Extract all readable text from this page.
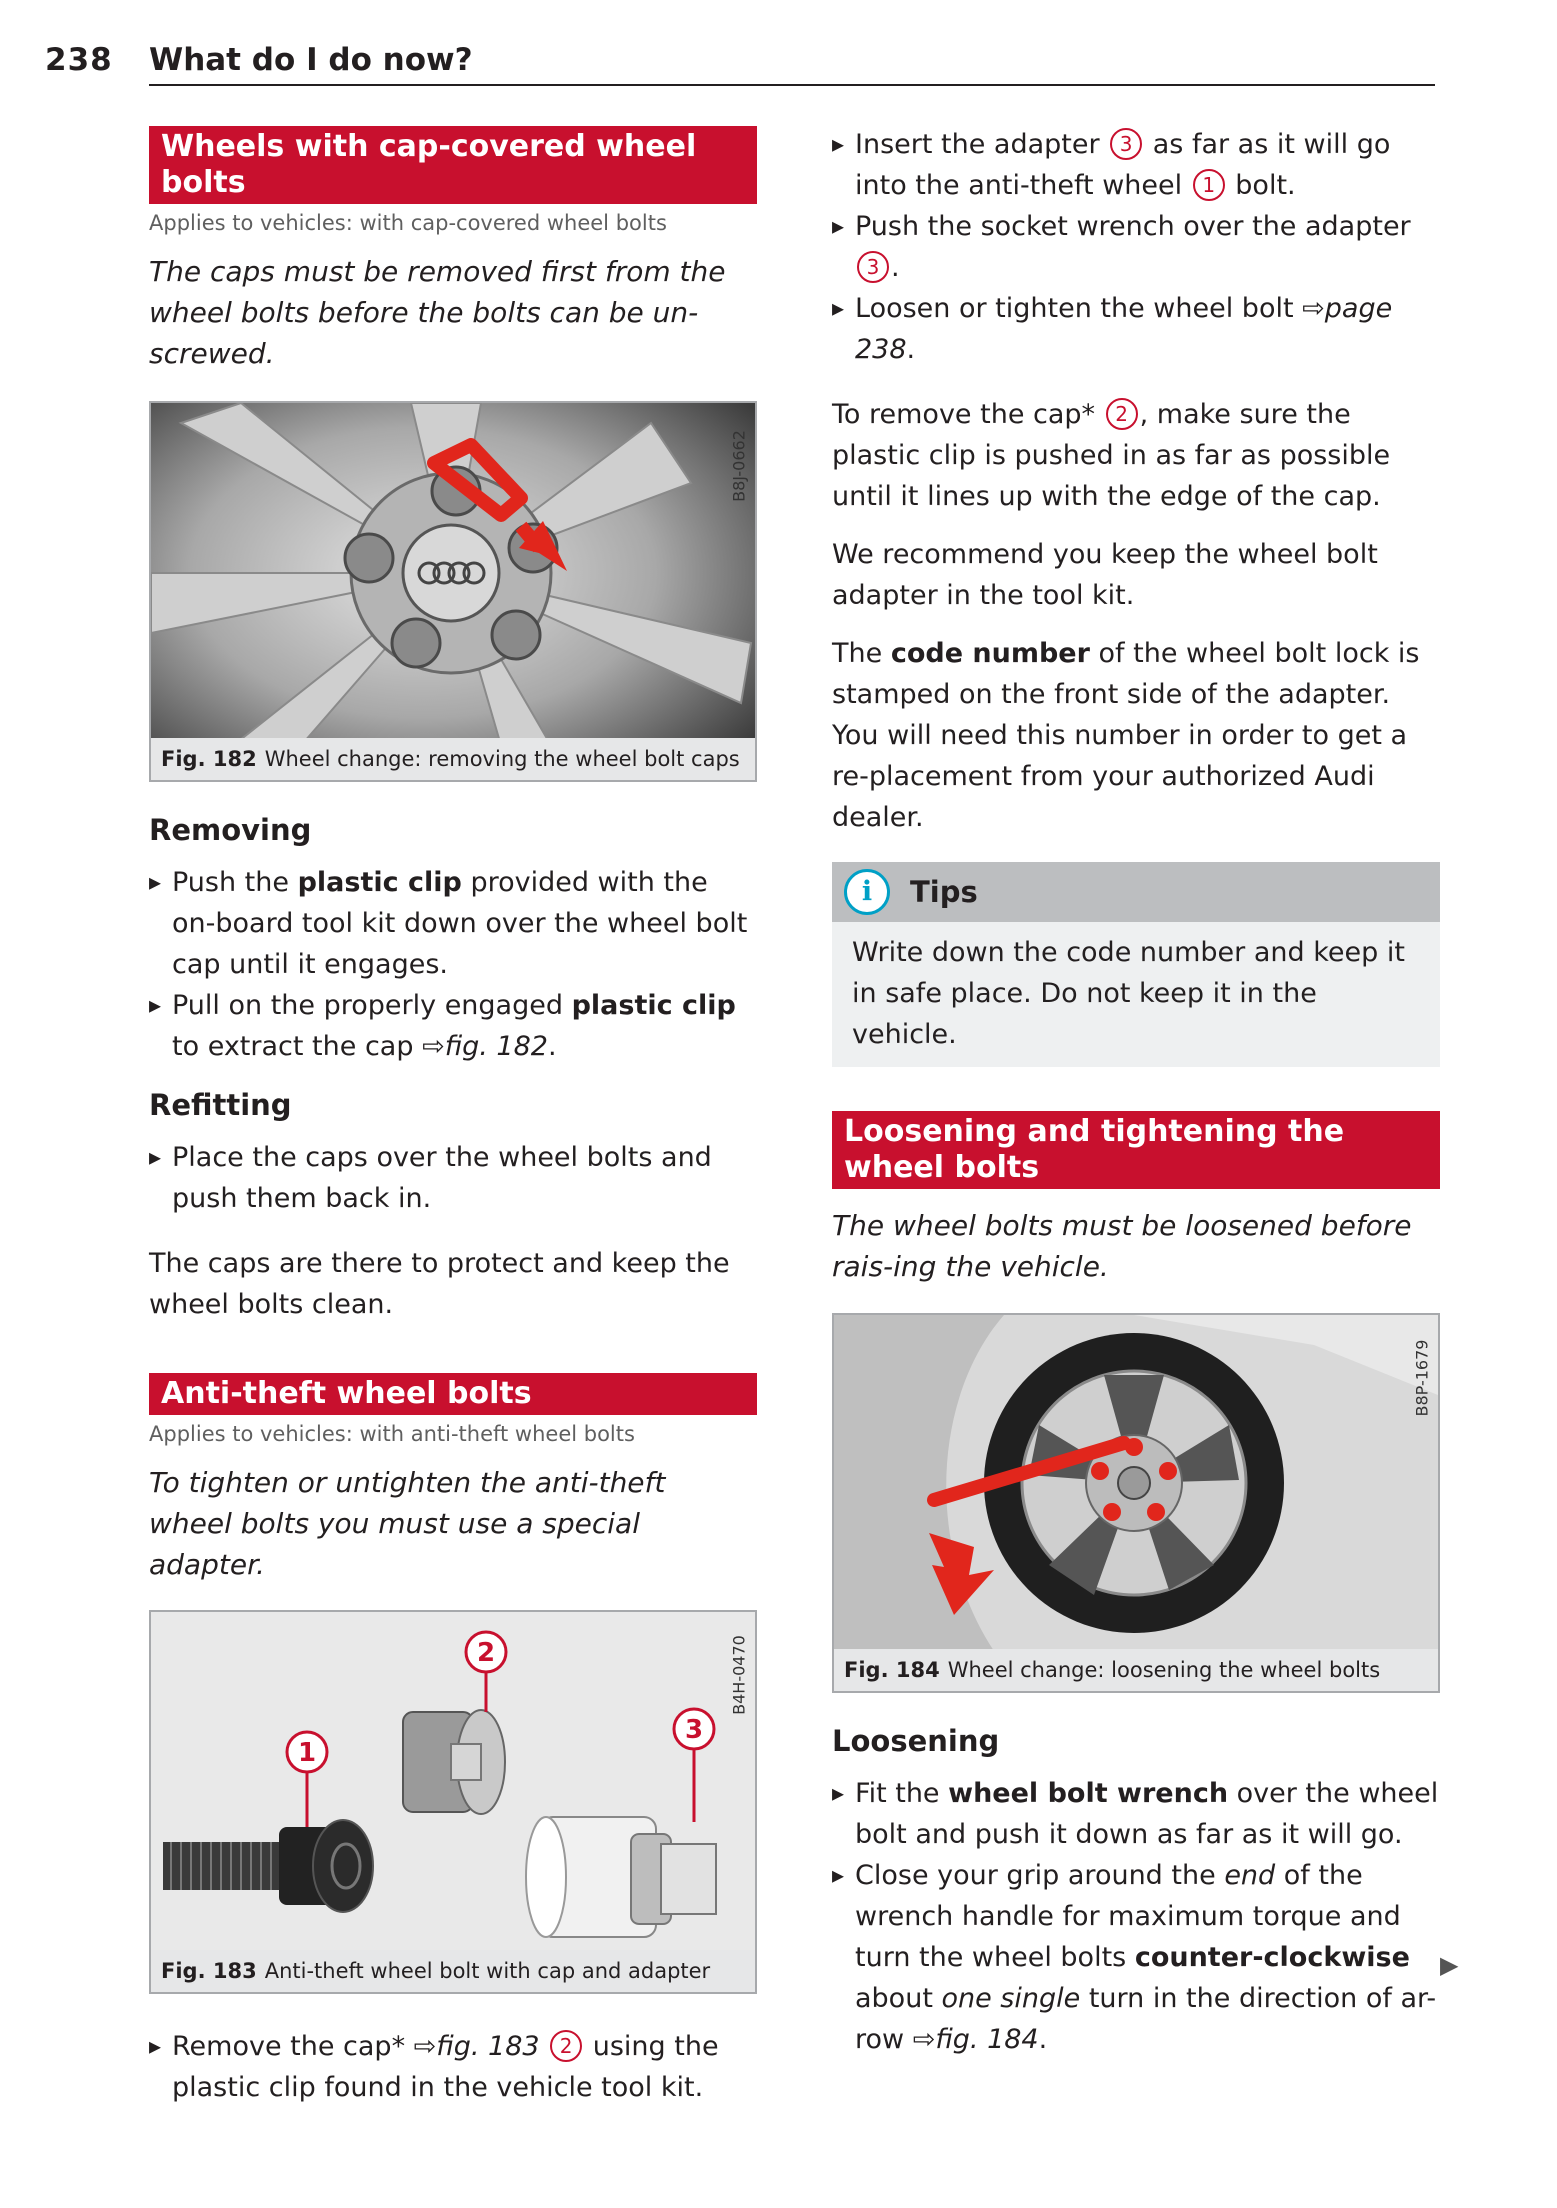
238 What do I do now?
Wheels with cap-covered wheel bolts
Applies to vehicles: with cap-covered wheel bolts

The caps must be removed first from the wheel bolts before the bolts can be un-screwed.

B8J-0662
Fig. 182 Wheel change: removing the wheel bolt caps
Removing
▸ Push the plastic clip provided with the on-board tool kit down over the wheel bolt cap until it engages.
▸ Pull on the properly engaged plastic clip to extract the cap ⇨fig. 182.
Refitting
▸ Place the caps over the wheel bolts and push them back in.

The caps are there to protect and keep the wheel bolts clean.

Anti-theft wheel bolts
Applies to vehicles: with anti-theft wheel bolts

To tighten or untighten the anti-theft wheel bolts you must use a special adapter.

1
2
3
B4H-0470
Fig. 183 Anti-theft wheel bolt with cap and adapter
▸ Remove the cap* ⇨fig. 183 2 using the plastic clip found in the vehicle tool kit.
▸ Insert the adapter 3 as far as it will go into the anti-theft wheel 1 bolt.
▸ Push the socket wrench over the adapter 3 .
▸ Loosen or tighten the wheel bolt ⇨page 238.

To remove the cap* 2 , make sure the plastic clip is pushed in as far as possible until it lines up with the edge of the cap.

We recommend you keep the wheel bolt adapter in the tool kit.

The code number of the wheel bolt lock is stamped on the front side of the adapter. You will need this number in order to get a re-placement from your authorized Audi dealer.

i	Tips
Write down the code number and keep it in safe place. Do not keep it in the vehicle.
Loosening and tightening the wheel bolts

The wheel bolts must be loosened before rais-ing the vehicle.

B8P-1679
Fig. 184 Wheel change: loosening the wheel bolts
Loosening
▸ Fit the wheel bolt wrench over the wheel bolt and push it down as far as it will go.
▸ Close your grip around the end of the wrench handle for maximum torque and turn the wheel bolts counter-clockwise about one single turn in the direction of ar-row ⇨fig. 184.
▶
